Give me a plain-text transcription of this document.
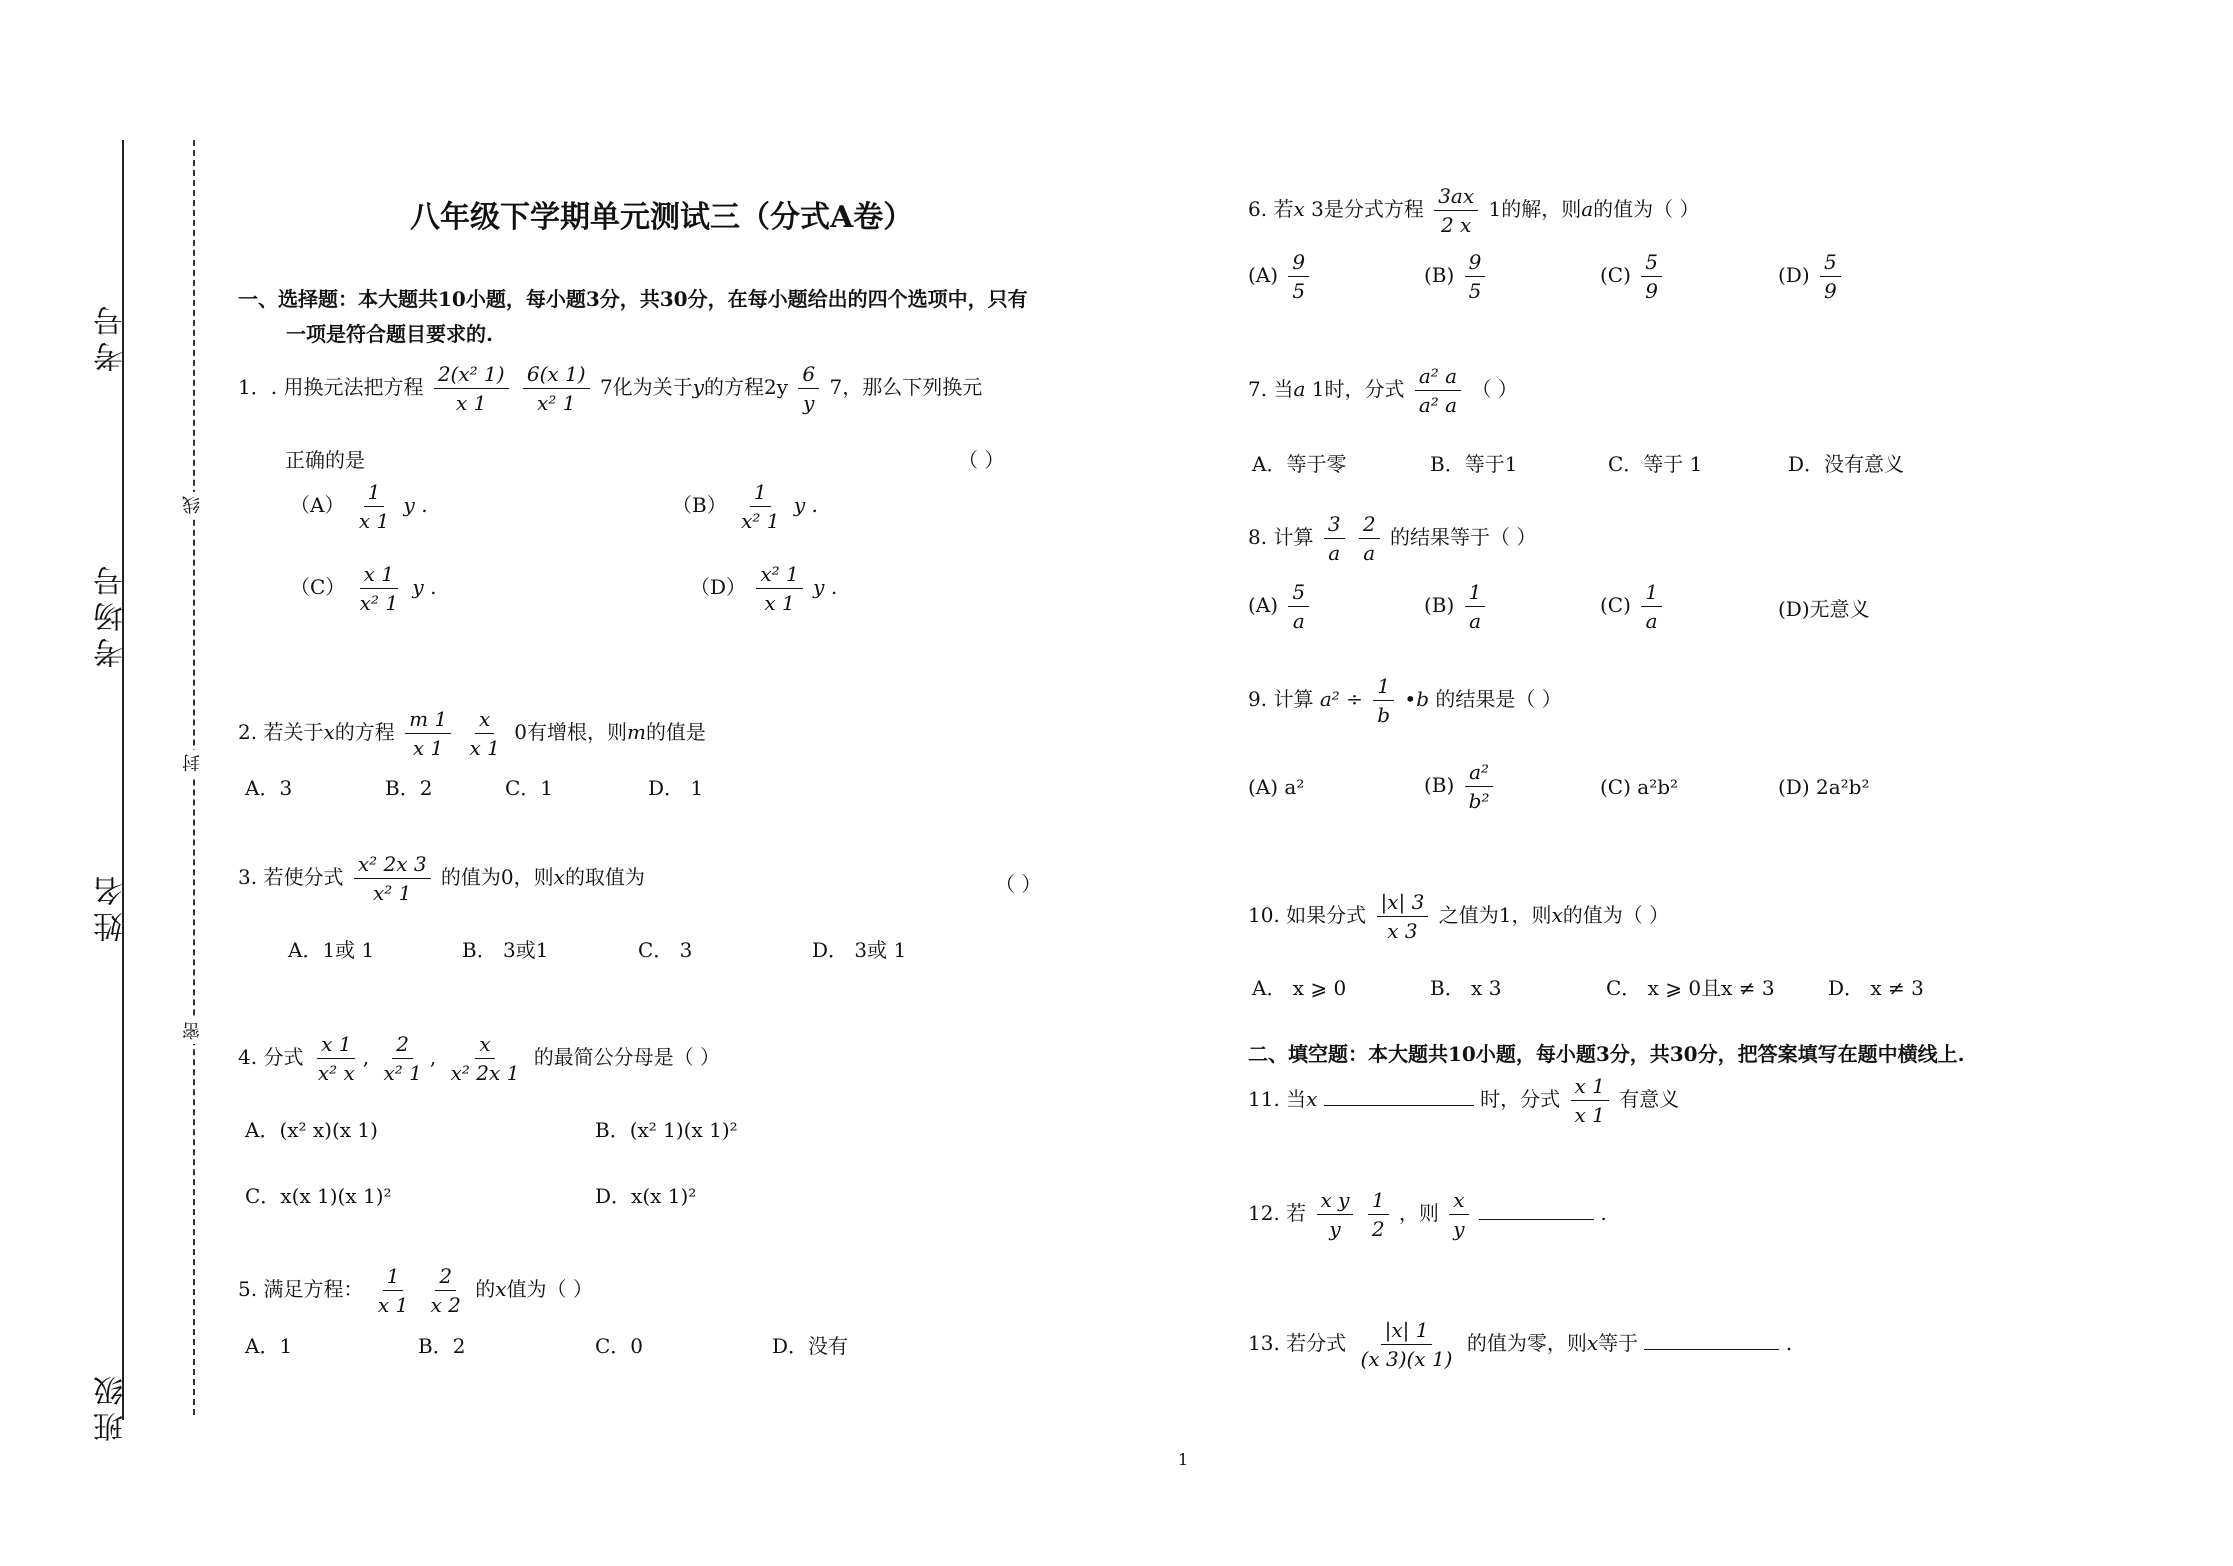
考号
考场号
姓名
班级
线
封
密
八年级下学期单元测试三（分式A卷）
一、选择题：本大题共10小题，每小题3分，共30分，在每小题给出的四个选项中，只有
一项是符合题目要求的.
1．. 用换元法把方程 $\frac{\text{2(x² 1)}}{x 1}$
$\frac{6(x 1)}{\text{x² 1}} 7$化为关于y的方程$2y \frac{6}{y} 7$，那么下列换元
正确的是	（ ）
$(A) \frac{1}{x 1}$ y .	$(B) \frac{1}{\text{x² 1}}$ y .
$(C) \frac{x 1}{\text{x² 1}}$ y .	$(D) \frac{\text{x² 1}}{x 1}$ y .
2. 若关于x的方程 $\frac{m 1}{x 1}$
$\frac{x}{x 1} 0$有增根，则m的值是
A．3	B．2	C．1	D． 1
3. 若使分式 $\frac{\text{x² 2x 3}}{\text{x² 1}}$ 的值为0，则x的取值为	（ ）
A．1或 1	B． 3或1	C． 3	D． 3或 1
4. 分式 $\frac{x 1}{\text{x² x}}$ , $\frac{2}{\text{x² 1}}$ , $\frac{x}{\text{x² 2x 1}}$ 的最简公分母是（ ）
A．(x² x)(x 1)	B．(x² 1)(x 1)²
C．x(x 1)(x 1)²	D．x(x 1)²
5. 满足方程： $\frac{1}{x 1}$
$\frac{2}{x 2}$ 的x值为（ ）
A．1	B．2	C．0	D．没有
6. 若x 3是分式方程 $\frac{3ax}{2 x} 1$的解，则a的值为（ ）
$(A) \frac{9}{5}$	$(B) \frac{9}{5}$	$(C) \frac{5}{9}$	$(D) \frac{5}{9}$
7. 当a 1时，分式 $\frac{\text{a² a}}{\text{a² a}}$ （ ）
A．等于零	B．等于1	C．等于 1	D．没有意义
8. 计算 $\frac{3}{a}$
$\frac{2}{a}$ 的结果等于（ ）
$(A) \frac{5}{a}$	$(B) \frac{1}{a}$	$(C) \frac{1}{a}$	(D)无意义
9. 计算 $a^2 \div \frac{1}{b}$ •b 的结果是（ ）
(A) a²	$(B) \frac{\text{a²}}{\text{b²}}$	(C) a²b²	(D) 2a²b²
10. 如果分式 $\frac{|x| 3}{x 3}$ 之值为1，则x的值为（ ）
A． x ⩾ 0	B． x 3	C． x ⩾ 0且x ≠ 3	D． x ≠ 3
二、填空题：本大题共10小题，每小题3分，共30分，把答案填写在题中横线上.
11. 当x	时，分式 $\frac{x 1}{x 1}$ 有意义
12. 若 $\frac{\text{x y}}{y}$
$\frac{1}{2}$ ，则 $\frac{x}{y}$	.
13. 若分式 $\frac{|x| 1}{(x 3)(x 1)}$ 的值为零，则x等于	.
1
